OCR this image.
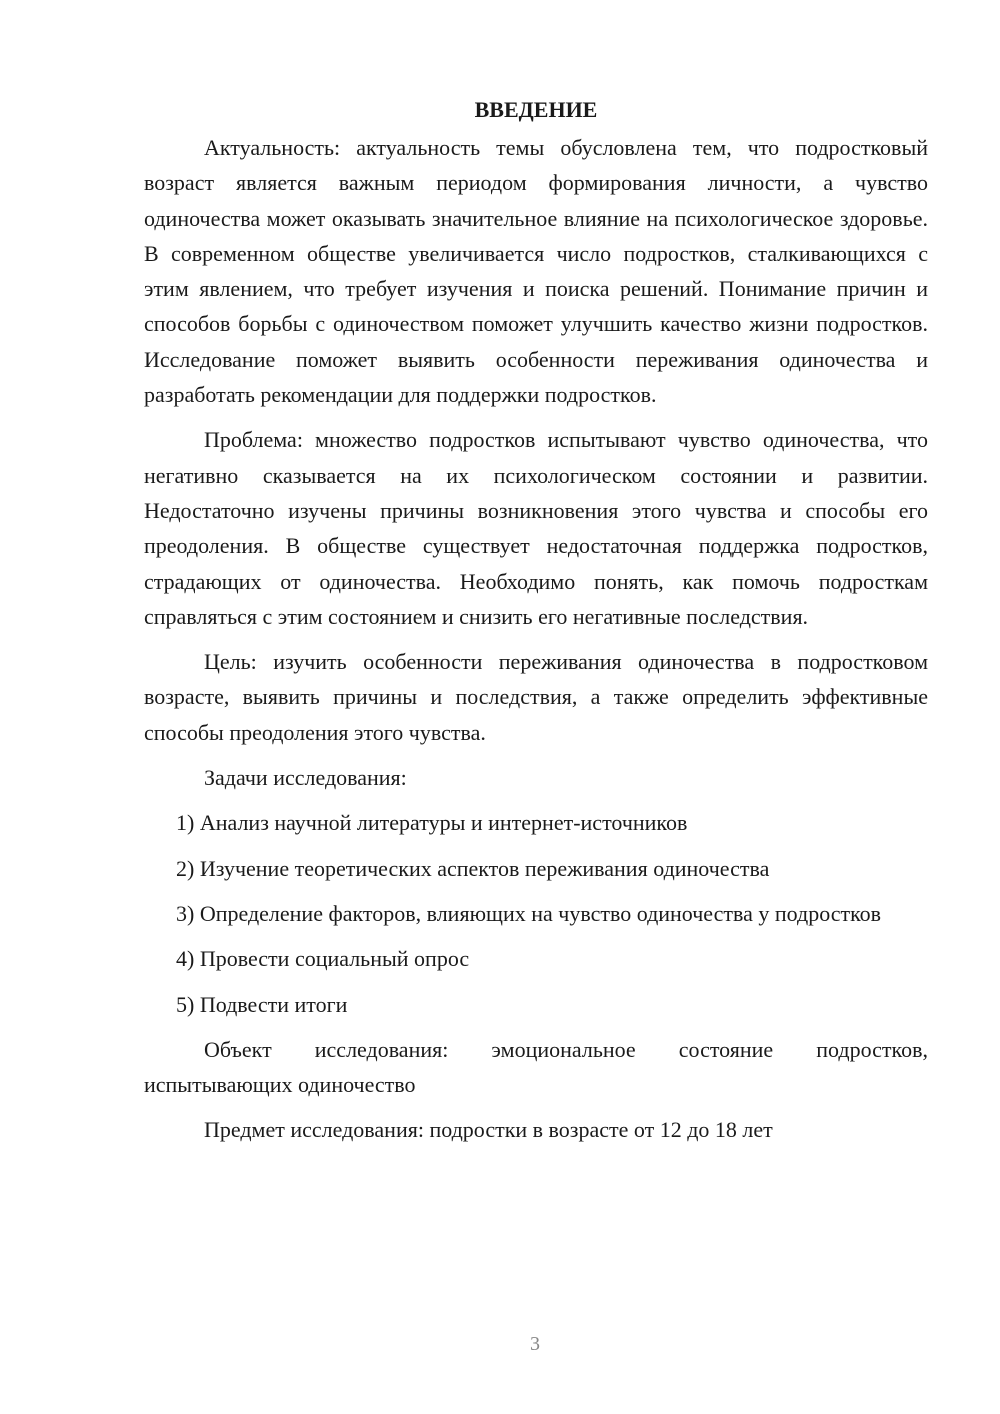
ВВЕДЕНИЕ

Актуальность: актуальность темы обусловлена тем, что подростковый возраст является важным периодом формирования личности, а чувство одиночества может оказывать значительное влияние на психологическое здоровье. В современном обществе увеличивается число подростков, сталкивающихся с этим явлением, что требует изучения и поиска решений. Понимание причин и способов борьбы с одиночеством поможет улучшить качество жизни подростков. Исследование поможет выявить особенности переживания одиночества и разработать рекомендации для поддержки подростков.

Проблема: множество подростков испытывают чувство одиночества, что негативно сказывается на их психологическом состоянии и развитии. Недостаточно изучены причины возникновения этого чувства и способы его преодоления. В обществе существует недостаточная поддержка подростков, страдающих от одиночества. Необходимо понять, как помочь подросткам справляться с этим состоянием и снизить его негативные последствия.

Цель: изучить особенности переживания одиночества в подростковом возрасте, выявить причины и последствия, а также определить эффективные способы преодоления этого чувства.

Задачи исследования:

1) Анализ научной литературы и интернет-источников

2) Изучение теоретических аспектов переживания одиночества

3) Определение факторов, влияющих на чувство одиночества у подростков

4) Провести социальный опрос

5) Подвести итоги

Объект исследования: эмоциональное состояние подростков, испытывающих одиночество

Предмет исследования: подростки в возрасте от 12 до 18 лет

3
